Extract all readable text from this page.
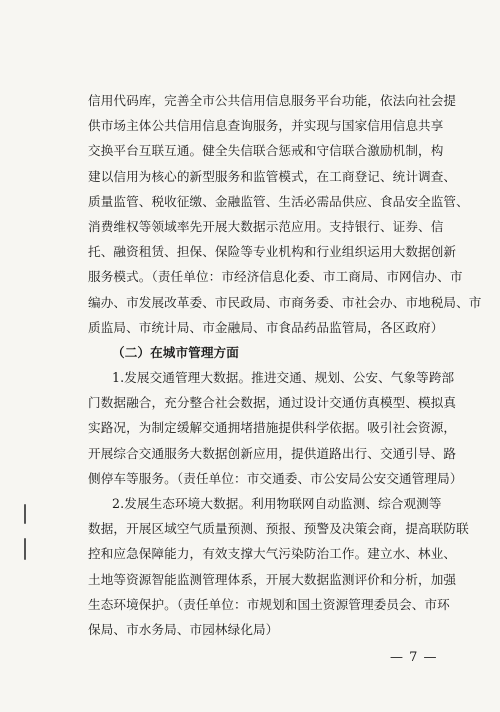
信用代码库，完善全市公共信用信息服务平台功能，依法向社会提
供市场主体公共信用信息查询服务，并实现与国家信用信息共享
交换平台互联互通。健全失信联合惩戒和守信联合激励机制，构
建以信用为核心的新型服务和监管模式，在工商登记、统计调查、
质量监管、税收征缴、金融监管、生活必需品供应、食品安全监管、
消费维权等领域率先开展大数据示范应用。支持银行、证券、信
托、融资租赁、担保、保险等专业机构和行业组织运用大数据创新
服务模式。（责任单位：市经济信息化委、市工商局、市网信办、市
编办、市发展改革委、市民政局、市商务委、市社会办、市地税局、市
质监局、市统计局、市金融局、市食品药品监管局，各区政府）
（二）在城市管理方面
1.发展交通管理大数据。推进交通、规划、公安、气象等跨部
门数据融合，充分整合社会数据，通过设计交通仿真模型、模拟真
实路况，为制定缓解交通拥堵措施提供科学依据。吸引社会资源，
开展综合交通服务大数据创新应用，提供道路出行、交通引导、路
侧停车等服务。（责任单位：市交通委、市公安局公安交通管理局）
2.发展生态环境大数据。利用物联网自动监测、综合观测等
数据，开展区域空气质量预测、预报、预警及决策会商，提高联防联
控和应急保障能力，有效支撑大气污染防治工作。建立水、林业、
土地等资源智能监测管理体系，开展大数据监测评价和分析，加强
生态环境保护。（责任单位：市规划和国土资源管理委员会、市环
保局、市水务局、市园林绿化局）
— 7 —
